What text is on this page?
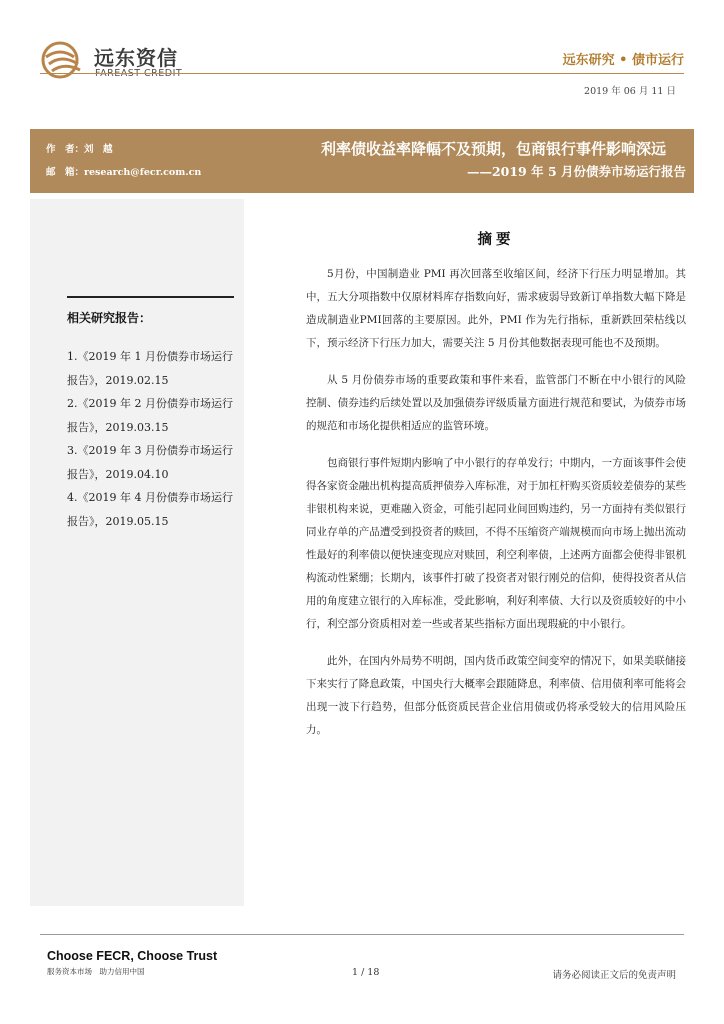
远东资信
FAREAST CREDIT
远东研究 • 债市运行
2019 年 06 月 11 日
作　者：刘　越
邮　箱：research@fecr.com.cn
利率债收益率降幅不及预期，包商银行事件影响深远
——2019 年 5 月份债券市场运行报告
相关研究报告：
1.《2019 年 1 月份债券市场运行报告》，2019.02.15
2.《2019 年 2 月份债券市场运行报告》，2019.03.15
3.《2019 年 3 月份债券市场运行报告》，2019.04.10
4.《2019 年 4 月份债券市场运行报告》，2019.05.15
摘要

5月份，中国制造业 PMI 再次回落至收缩区间，经济下行压力明显增加。其中，五大分项指数中仅原材料库存指数向好，需求疲弱导致新订单指数大幅下降是造成制造业PMI回落的主要原因。此外，PMI 作为先行指标，重新跌回荣枯线以下，预示经济下行压力加大，需要关注 5 月份其他数据表现可能也不及预期。

从 5 月份债券市场的重要政策和事件来看，监管部门不断在中小银行的风险控制、债券违约后续处置以及加强债券评级质量方面进行规范和要试，为债券市场的规范和市场化提供相适应的监管环境。

包商银行事件短期内影响了中小银行的存单发行；中期内，一方面该事件会使得各家资金融出机构提高质押债券入库标准，对于加杠杆购买资质较差债券的某些非银机构来说，更难融入资金，可能引起同业间回购违约，另一方面持有类似银行同业存单的产品遭受到投资者的赎回，不得不压缩资产端规模而向市场上抛出流动性最好的利率债以便快速变现应对赎回，利空利率债，上述两方面都会使得非银机构流动性紧绷；长期内，该事件打破了投资者对银行刚兑的信仰，使得投资者从信用的角度建立银行的入库标准，受此影响，利好利率债、大行以及资质较好的中小行，利空部分资质相对差一些或者某些指标方面出现瑕疵的中小银行。

此外，在国内外局势不明朗，国内货币政策空间变窄的情况下，如果美联储接下来实行了降息政策，中国央行大概率会跟随降息，利率债、信用债利率可能将会出现一波下行趋势，但部分低资质民营企业信用债或仍将承受较大的信用风险压力。

Choose FECR, Choose Trust
服务资本市场　助力信用中国	1 / 18	请务必阅读正文后的免责声明
